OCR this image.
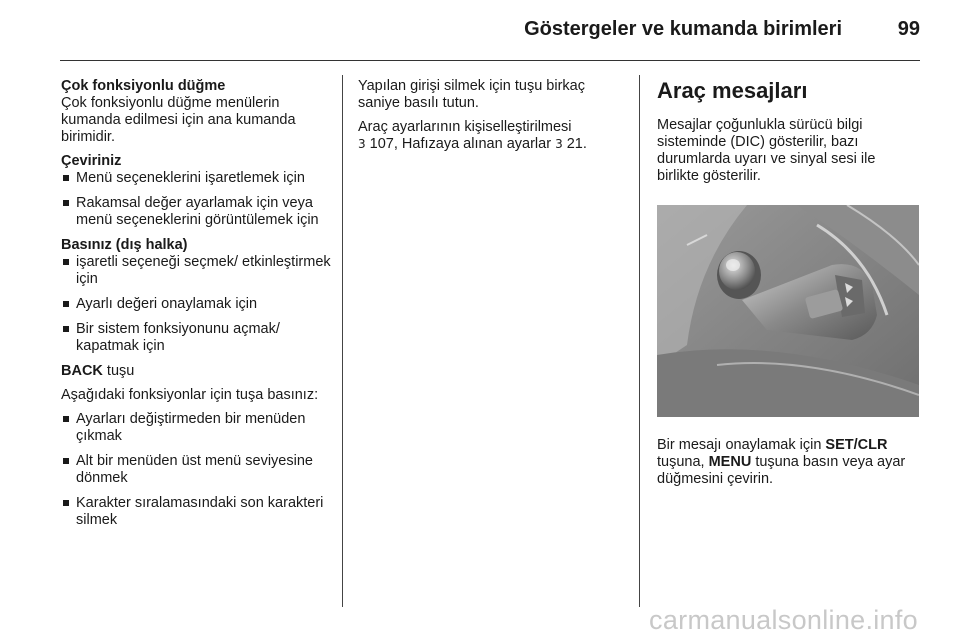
Göstergeler ve kumanda birimleri	99

Çok fonksiyonlu düğme

Çok fonksiyonlu düğme menülerin kumanda edilmesi için ana kumanda birimidir.

Çeviriniz

Menü seçeneklerini işaretlemek için
Rakamsal değer ayarlamak için veya menü seçeneklerini görüntülemek için

Basınız (dış halka)

işaretli seçeneği seçmek/ etkinleştirmek için
Ayarlı değeri onaylamak için
Bir sistem fonksiyonunu açmak/ kapatmak için

BACK tuşu

Aşağıdaki fonksiyonlar için tuşa basınız:

Ayarları değiştirmeden bir menüden çıkmak
Alt bir menüden üst menü seviyesine dönmek
Karakter sıralamasındaki son karakteri silmek

Yapılan girişi silmek için tuşu birkaç saniye basılı tutun.

Araç ayarlarının kişiselleştirilmesi
3 107, Hafızaya alınan ayarlar 3 21.

Araç mesajları

Mesajlar çoğunlukla sürücü bilgi sisteminde (DIC) gösterilir, bazı durumlarda uyarı ve sinyal sesi ile birlikte gösterilir.

Bir mesajı onaylamak için SET/CLR tuşuna, MENU tuşuna basın veya ayar düğmesini çevirin.

carmanualsonline.info
